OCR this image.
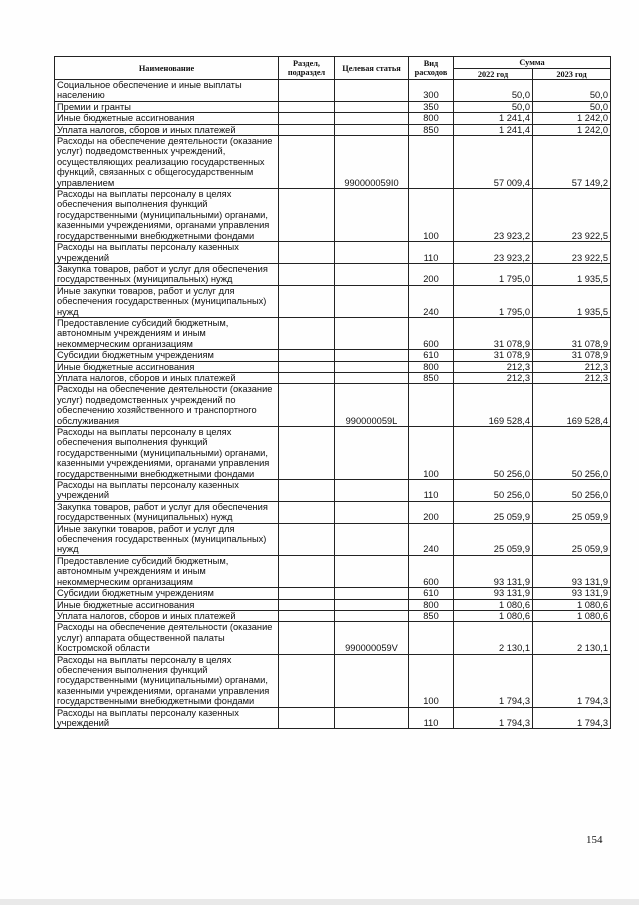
Наименование	Раздел, подраздел	Целевая статья	Вид расходов	Сумма	
				2022 год	2023 год
Социальное обеспечение и иные выплаты населению			300	50,0	50,0
Премии и гранты			350	50,0	50,0
Иные бюджетные ассигнования			800	1 241,4	1 242,0
Уплата налогов, сборов и иных платежей			850	1 241,4	1 242,0
Расходы на обеспечение деятельности (оказание услуг) подведомственных учреждений, осуществляющих реализацию государственных функций, связанных с общегосударственным управлением		990000059I0		57 009,4	57 149,2
Расходы на выплаты персоналу в целях обеспечения выполнения функций государственными (муниципальными) органами, казенными учреждениями, органами управления государственными внебюджетными фондами			100	23 923,2	23 922,5
Расходы на выплаты персоналу казенных учреждений			110	23 923,2	23 922,5
Закупка товаров, работ и услуг для обеспечения государственных (муниципальных) нужд			200	1 795,0	1 935,5
Иные закупки товаров, работ и услуг для обеспечения государственных (муниципальных) нужд			240	1 795,0	1 935,5
Предоставление субсидий бюджетным, автономным учреждениям и иным некоммерческим организациям			600	31 078,9	31 078,9
Субсидии бюджетным учреждениям			610	31 078,9	31 078,9
Иные бюджетные ассигнования			800	212,3	212,3
Уплата налогов, сборов и иных платежей			850	212,3	212,3
Расходы на обеспечение деятельности (оказание услуг) подведомственных учреждений по обеспечению хозяйственного и транспортного обслуживания		990000059L		169 528,4	169 528,4
Расходы на выплаты персоналу в целях обеспечения выполнения функций государственными (муниципальными) органами, казенными учреждениями, органами управления государственными внебюджетными фондами			100	50 256,0	50 256,0
Расходы на выплаты персоналу казенных учреждений			110	50 256,0	50 256,0
Закупка товаров, работ и услуг для обеспечения государственных (муниципальных) нужд			200	25 059,9	25 059,9
Иные закупки товаров, работ и услуг для обеспечения государственных (муниципальных) нужд			240	25 059,9	25 059,9
Предоставление субсидий бюджетным, автономным учреждениям и иным некоммерческим организациям			600	93 131,9	93 131,9
Субсидии бюджетным учреждениям			610	93 131,9	93 131,9
Иные бюджетные ассигнования			800	1 080,6	1 080,6
Уплата налогов, сборов и иных платежей			850	1 080,6	1 080,6
Расходы на обеспечение деятельности (оказание услуг) аппарата общественной палаты Костромской области		990000059V		2 130,1	2 130,1
Расходы на выплаты персоналу в целях обеспечения выполнения функций государственными (муниципальными) органами, казенными учреждениями, органами управления государственными внебюджетными фондами			100	1 794,3	1 794,3
Расходы на выплаты персоналу казенных учреждений			110	1 794,3	1 794,3
154
